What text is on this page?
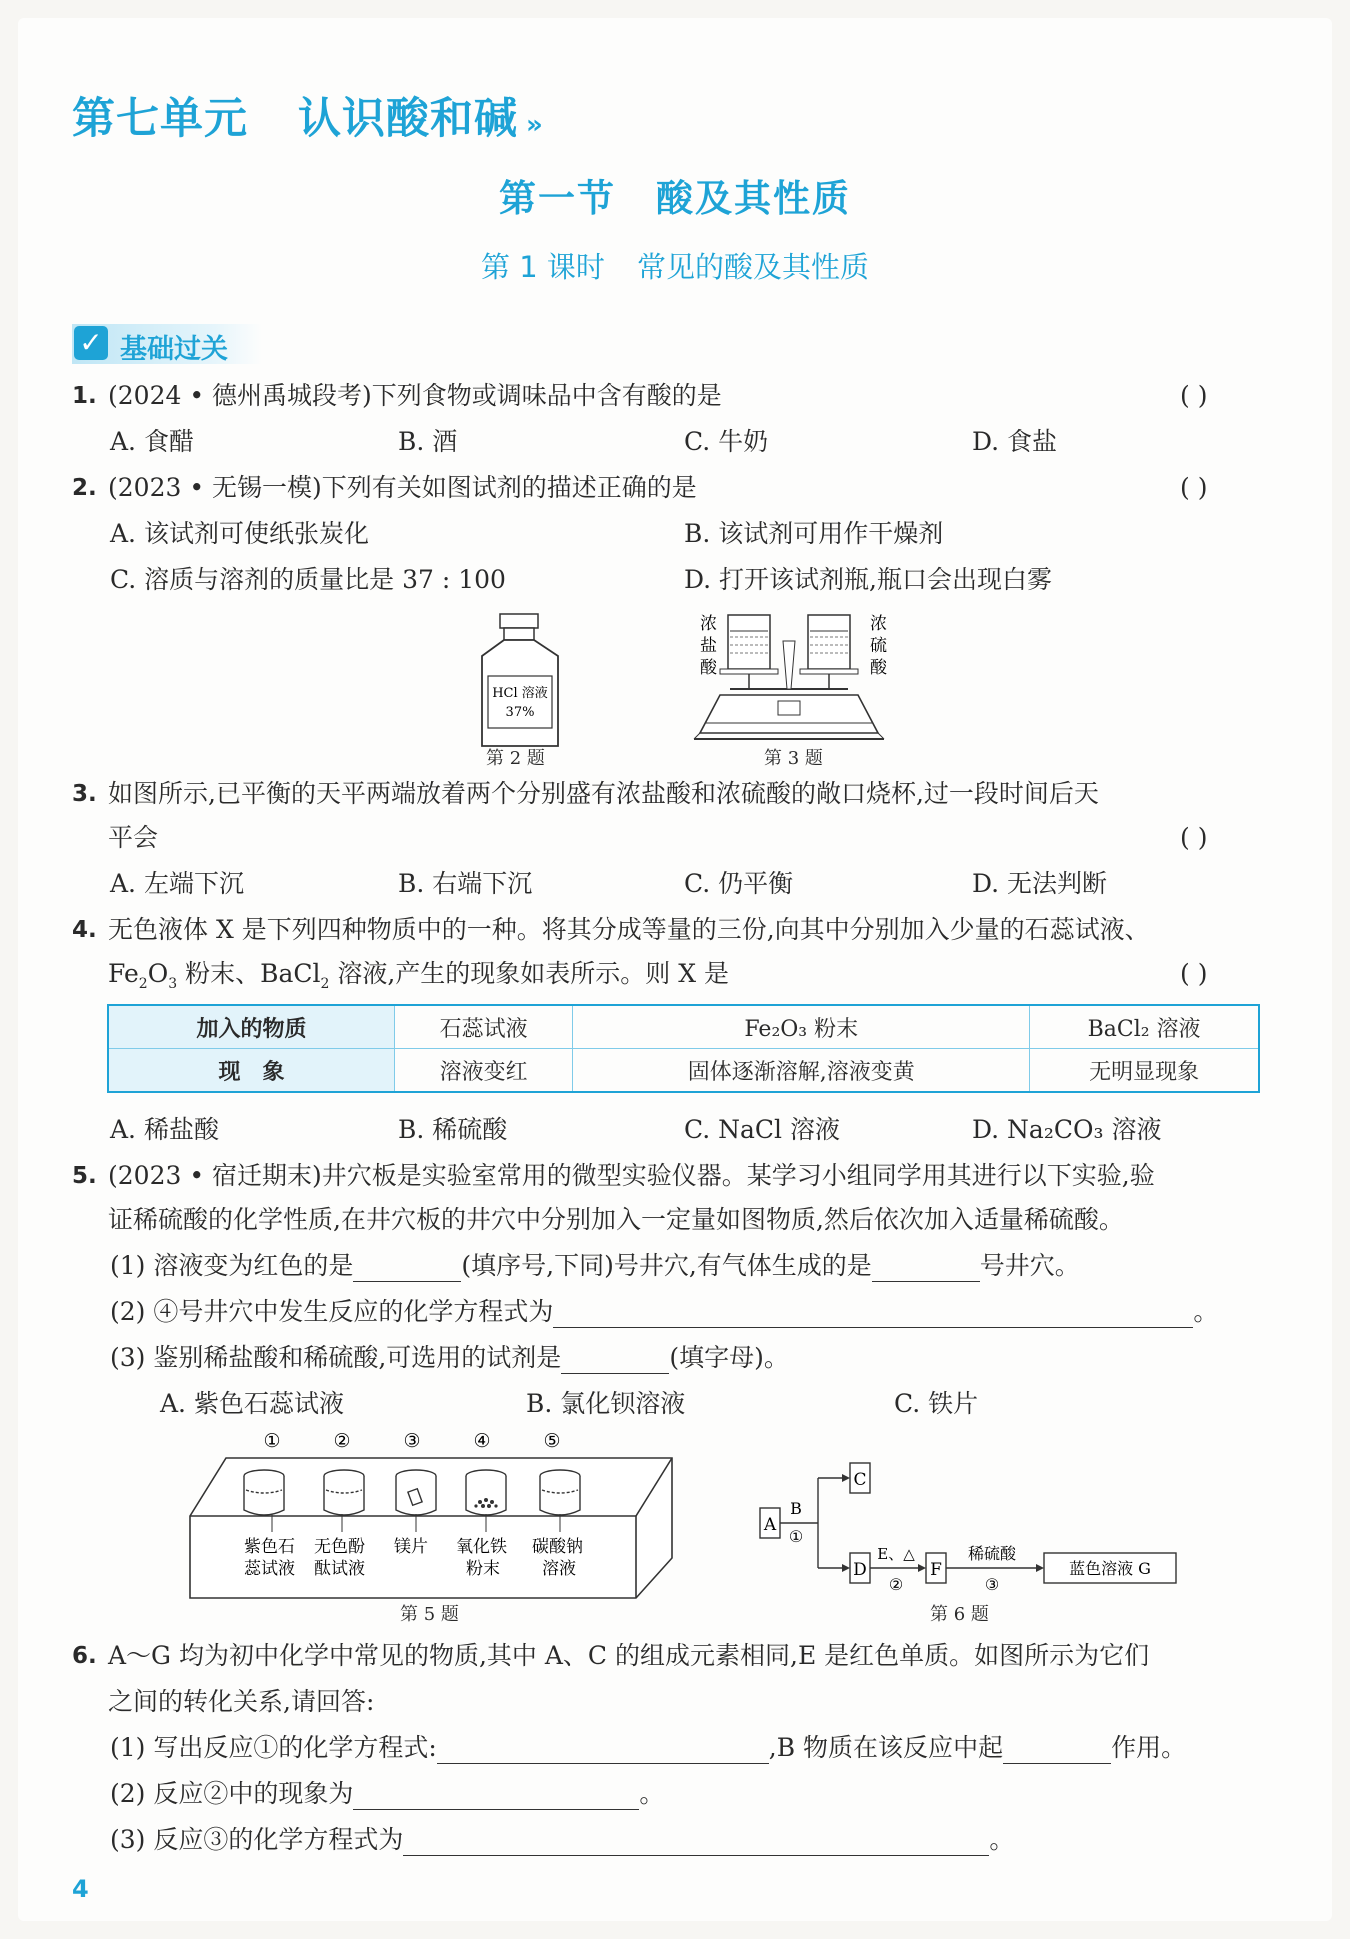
第七单元 认识酸和碱 »
第一节 酸及其性质
第 1 课时 常见的酸及其性质
✓ 基础过关
1. (2024 • 德州禹城段考)下列食物或调味品中含有酸的是	( )
A. 食醋	B. 酒	C. 牛奶	D. 食盐
2. (2023 • 无锡一模)下列有关如图试剂的描述正确的是	( )
A. 该试剂可使纸张炭化	B. 该试剂可用作干燥剂
C. 溶质与溶剂的质量比是 37 : 100	D. 打开该试剂瓶,瓶口会出现白雾
HCl 溶液
37%
第 2 题
浓
盐
酸
浓
硫
酸
第 3 题
3. 如图所示,已平衡的天平两端放着两个分别盛有浓盐酸和浓硫酸的敞口烧杯,过一段时间后天
平会	( )
A. 左端下沉	B. 右端下沉	C. 仍平衡	D. 无法判断
4. 无色液体 X 是下列四种物质中的一种。将其分成等量的三份,向其中分别加入少量的石蕊试液、
$Fe_2O_3$ 粉末、BaCl$_2$ 溶液,产生的现象如表所示。则 X 是	( )
加入的物质	石蕊试液	Fe₂O₃ 粉末	BaCl₂ 溶液
现　象	溶液变红	固体逐渐溶解,溶液变黄	无明显现象
A. 稀盐酸	B. 稀硫酸	C. NaCl 溶液	D. Na₂CO₃ 溶液
5. (2023 • 宿迁期末)井穴板是实验室常用的微型实验仪器。某学习小组同学用其进行以下实验,验
证稀硫酸的化学性质,在井穴板的井穴中分别加入一定量如图物质,然后依次加入适量稀硫酸。
(1) 溶液变为红色的是	(填序号,下同)号井穴,有气体生成的是	号井穴。
(2) ④号井穴中发生反应的化学方程式为	。
(3) 鉴别稀盐酸和稀硫酸,可选用的试剂是	(填字母)。
A. 紫色石蕊试液	B. 氯化钡溶液	C. 铁片
①	②	③	④	⑤
紫色石
蕊试液
无色酚
酞试液
镁片 氧化铁
粉末
碳酸钠
溶液
第 5 题
A
B
①
C
D
E、△
②
F
稀硫酸
③
蓝色溶液 G
第 6 题
6. A～G 均为初中化学中常见的物质,其中 A、C 的组成元素相同,E 是红色单质。如图所示为它们
之间的转化关系,请回答:
(1) 写出反应①的化学方程式:	,B 物质在该反应中起	作用。
(2) 反应②中的现象为	。
(3) 反应③的化学方程式为	。
4
